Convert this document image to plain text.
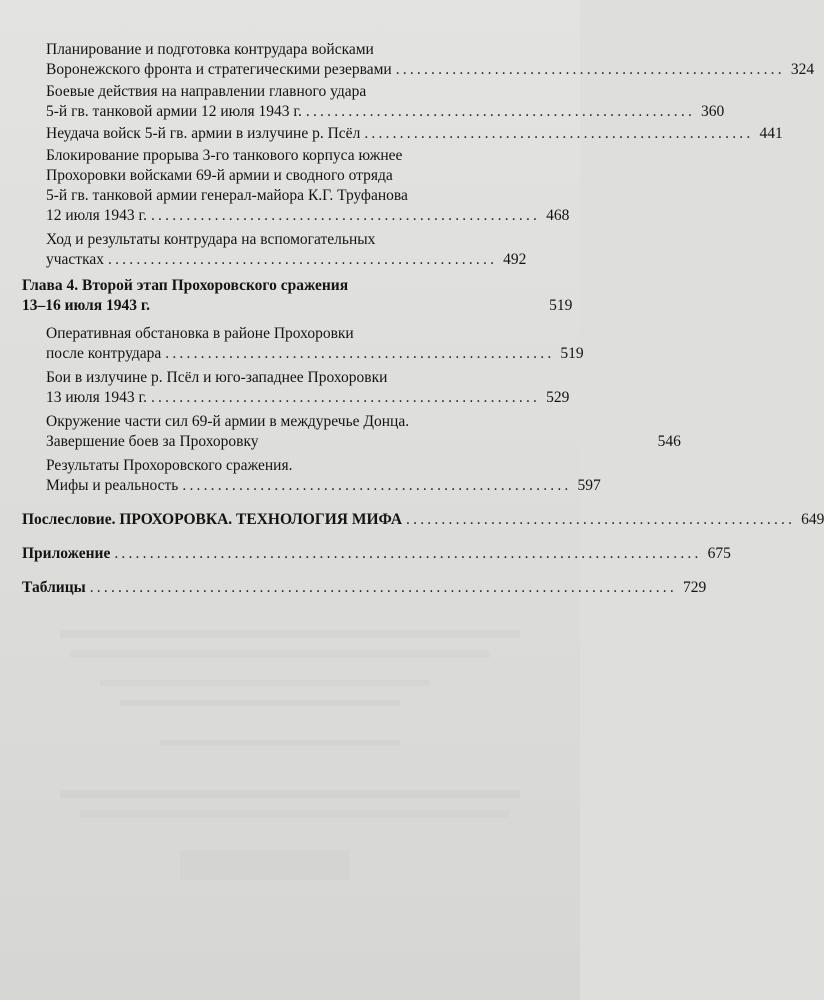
Планирование и подготовка контрудара войсками
Воронежского фронта и стратегическими резервами ....................................................... 324
Боевые действия на направлении главного удара
5-й гв. танковой армии 12 июля 1943 г. ....................................................... 360
Неудача войск 5-й гв. армии в излучине р. Псёл ....................................................... 441
Блокирование прорыва 3-го танкового корпуса южнее
Прохоровки войсками 69-й армии и сводного отряда
5-й гв. танковой армии генерал-майора К.Г. Труфанова
12 июля 1943 г. ....................................................... 468
Ход и результаты контрудара на вспомогательных
участках ....................................................... 492
Глава 4. Второй этап Прохоровского сражения
13–16 июля 1943 г.	519
Оперативная обстановка в районе Прохоровки
после контрудара ....................................................... 519
Бои в излучине р. Псёл и юго-западнее Прохоровки
13 июля 1943 г. ....................................................... 529
Окружение части сил 69-й армии в междуречье Донца.
Завершение боев за Прохоровку	546
Результаты Прохоровского сражения.
Мифы и реальность ....................................................... 597
Послесловие. ПРОХОРОВКА. ТЕХНОЛОГИЯ МИФА ....................................................... 649
Приложение ................................................................................... 675
Таблицы ................................................................................... 729
